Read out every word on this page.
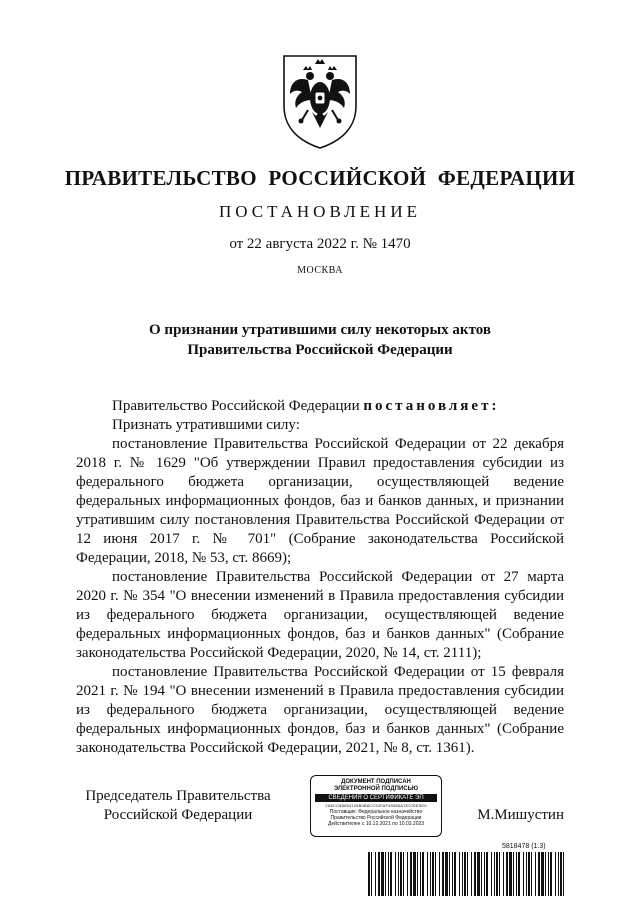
ПРАВИТЕЛЬСТВО РОССИЙСКОЙ ФЕДЕРАЦИИ
ПОСТАНОВЛЕНИЕ
от 22 августа 2022 г. № 1470
МОСКВА
О признании утратившими силу некоторых актов
Правительства Российской Федерации

Правительство Российской Федерации постановляет:

Признать утратившими силу:

постановление Правительства Российской Федерации от 22 декабря 2018 г. № 1629 "Об утверждении Правил предоставления субсидии из федерального бюджета организации, осуществляющей ведение федеральных информационных фондов, баз и банков данных, и признании утратившим силу постановления Правительства Российской Федерации от 12 июня 2017 г. № 701" (Собрание законодательства Российской Федерации, 2018, № 53, ст. 8669);

постановление Правительства Российской Федерации от 27 марта 2020 г. № 354 "О внесении изменений в Правила предоставления субсидии из федерального бюджета организации, осуществляющей ведение федеральных информационных фондов, баз и банков данных" (Собрание законодательства Российской Федерации, 2020, № 14, ст. 2111);

постановление Правительства Российской Федерации от 15 февраля 2021 г. № 194 "О внесении изменений в Правила предоставления субсидии из федерального бюджета организации, осуществляющей ведение федеральных информационных фондов, баз и банков данных" (Собрание законодательства Российской Федерации, 2021, № 8, ст. 1361).

Председатель Правительства
Российской Федерации
ДОКУМЕНТ ПОДПИСАН
ЭЛЕКТРОННОЙ ПОДПИСЬЮ
СВЕДЕНИЯ О СЕРТИФИКАТЕ ЭП
2A6CC88054125B0B8CC52FAF49086A7E076ESE0
Поставщик: Федеральное казначейство
Правительство Российской Федерации
Действителен с 10.12.2021 по 10.03.2023
М.Мишустин
5818478 (1.3)
